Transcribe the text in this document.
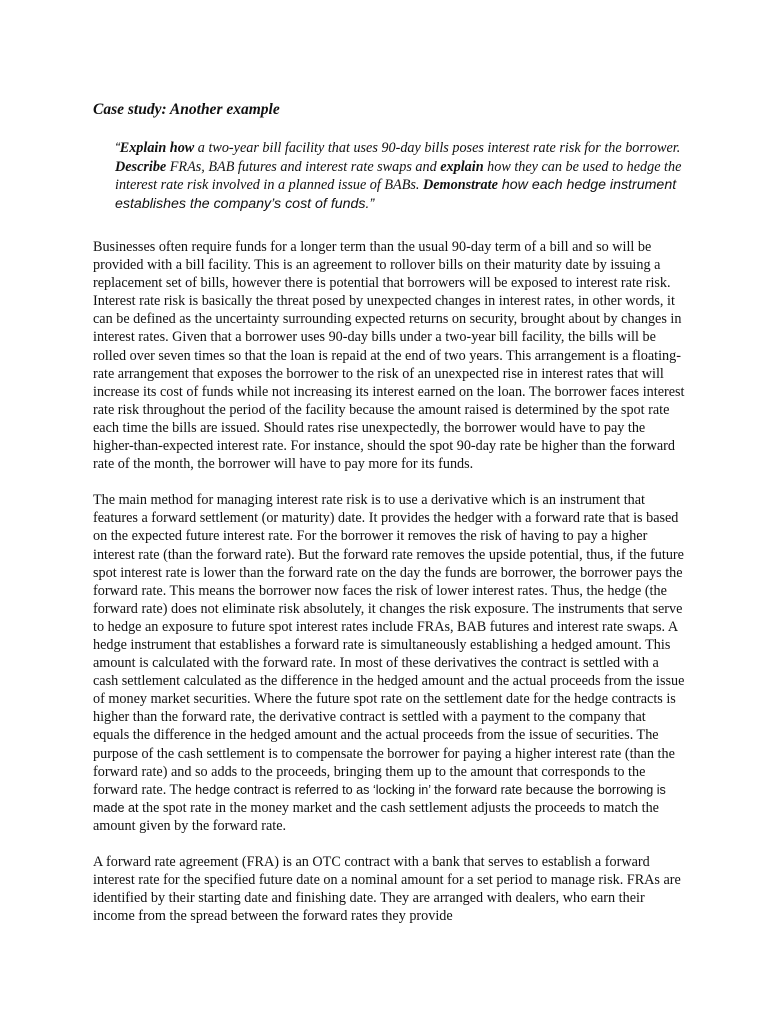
Case study: Another example
“Explain how a two-year bill facility that uses 90-day bills poses interest rate risk for the borrower. Describe FRAs, BAB futures and interest rate swaps and explain how they can be used to hedge the interest rate risk involved in a planned issue of BABs. Demonstrate how each hedge instrument establishes the company’s cost of funds.”

Businesses often require funds for a longer term than the usual 90-day term of a bill and so will be provided with a bill facility. This is an agreement to rollover bills on their maturity date by issuing a replacement set of bills, however there is potential that borrowers will be exposed to interest rate risk. Interest rate risk is basically the threat posed by unexpected changes in interest rates, in other words, it can be defined as the uncertainty surrounding expected returns on security, brought about by changes in interest rates. Given that a borrower uses 90-day bills under a two-year bill facility, the bills will be rolled over seven times so that the loan is repaid at the end of two years. This arrangement is a floating-rate arrangement that exposes the borrower to the risk of an unexpected rise in interest rates that will increase its cost of funds while not increasing its interest earned on the loan. The borrower faces interest rate risk throughout the period of the facility because the amount raised is determined by the spot rate each time the bills are issued. Should rates rise unexpectedly, the borrower would have to pay the higher-than-expected interest rate. For instance, should the spot 90-day rate be higher than the forward rate of the month, the borrower will have to pay more for its funds.

The main method for managing interest rate risk is to use a derivative which is an instrument that features a forward settlement (or maturity) date. It provides the hedger with a forward rate that is based on the expected future interest rate. For the borrower it removes the risk of having to pay a higher interest rate (than the forward rate). But the forward rate removes the upside potential, thus, if the future spot interest rate is lower than the forward rate on the day the funds are borrower, the borrower pays the forward rate. This means the borrower now faces the risk of lower interest rates. Thus, the hedge (the forward rate) does not eliminate risk absolutely, it changes the risk exposure. The instruments that serve to hedge an exposure to future spot interest rates include FRAs, BAB futures and interest rate swaps. A hedge instrument that establishes a forward rate is simultaneously establishing a hedged amount. This amount is calculated with the forward rate. In most of these derivatives the contract is settled with a cash settlement calculated as the difference in the hedged amount and the actual proceeds from the issue of money market securities. Where the future spot rate on the settlement date for the hedge contracts is higher than the forward rate, the derivative contract is settled with a payment to the company that equals the difference in the hedged amount and the actual proceeds from the issue of securities. The purpose of the cash settlement is to compensate the borrower for paying a higher interest rate (than the forward rate) and so adds to the proceeds, bringing them up to the amount that corresponds to the forward rate. The hedge contract is referred to as ‘locking in’ the forward rate because the borrowing is made at the spot rate in the money market and the cash settlement adjusts the proceeds to match the amount given by the forward rate.

A forward rate agreement (FRA) is an OTC contract with a bank that serves to establish a forward interest rate for the specified future date on a nominal amount for a set period to manage risk. FRAs are identified by their starting date and finishing date. They are arranged with dealers, who earn their income from the spread between the forward rates they provide
